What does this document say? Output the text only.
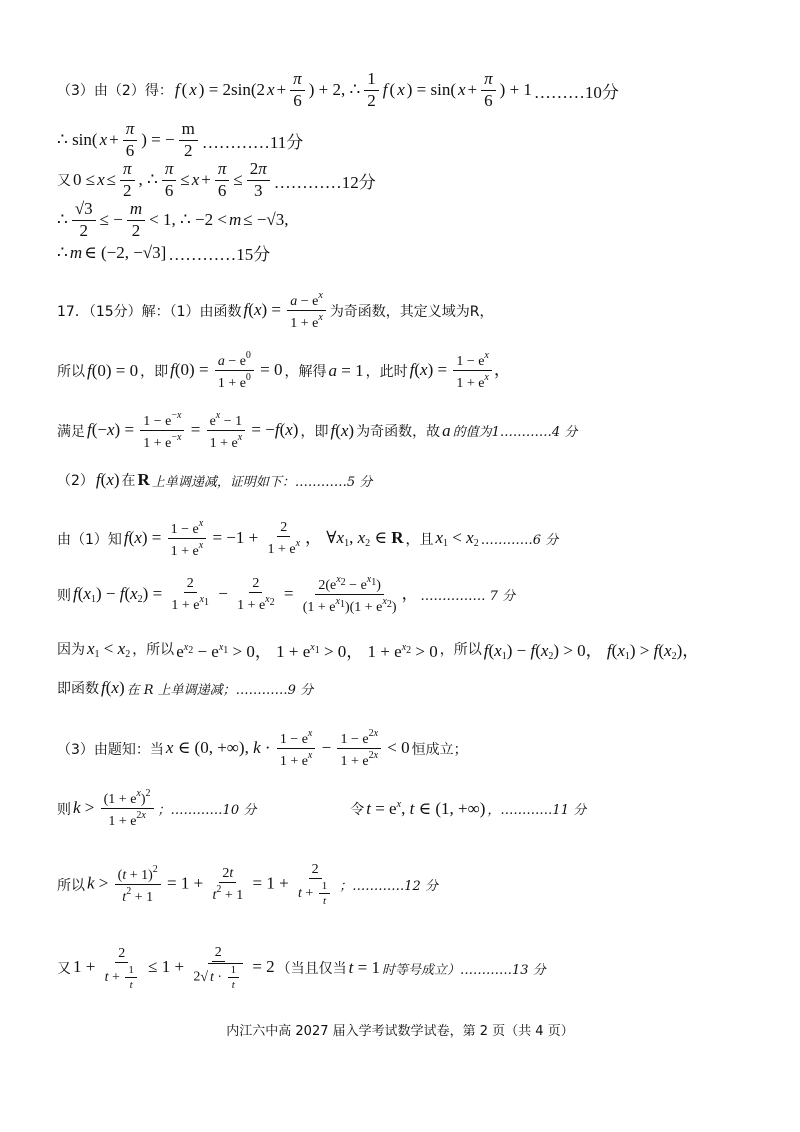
（3）由（2）得： f ( x ) = 2sin(2 $x + \frac{\pi}{6}$ ) + 2, ∴ $\frac{1}{2}$ f ( x ) = sin( $x + \frac{\pi}{6}$ ) + 1 ………10分
∴ sin( $x + \frac{\pi}{6}$ ) = − $\frac{m}{2}$ …………11分
又 $0 \le x \le \frac{\pi}{2}$ , ∴ $\frac{\pi}{6} \le x + \frac{\pi}{6} \le \frac{2\pi}{3}$ …………12分
∴ $\frac{√3}{2}$ ≤ − $\frac{m}{2} < 1$, ∴ −2 < m ≤ −√3,
∴ m ∈ (−2, −√3] …………15分
17．（15分）解：（1）由函数 $f(x) = \frac{a - e^x}{1 + e^x}$ 为奇函数，其定义域为R，
所以 f(0) = 0 ，即 $f(0) = \frac{a - e^0}{1 + e^0} = 0$ ，解得 a = 1 ，此时 $f(x) = \frac{1 - e^x}{1 + e^x}$ ，
满足 $f(-x) = \frac{1 - e^{-x}}{1 + e^{-x}} = \frac{e^x - 1}{1 + e^x} = -f(x)$ ，即 f(x) 为奇函数，故 a 的值为1…………4 分
（2） f(x) 在 R 上单调递减，证明如下：…………5 分
由（1）知 $f(x) = \frac{1 - e^x}{1 + e^x} = -1 + \frac{2}{1 + e^x}$ ， $\forall x_1$, $x_2$ ∈ R ，且 $x_1 < x_2$ …………6 分
则 $f(x_1) - f(x_2) = \frac{2}{1 + e^{x_1}} - \frac{2}{1 + e^{x_2}} = \frac{2(e^{x_2} - e^{x_1})}{(1 + e^{x_1})(1 + e^{x_2})}$ ， …………… 7 分
因为 $x_1 < x_2$ ，所以 $e^{x_2} - e^{x_1} > 0$， $1 + e^{x_1} > 0$， $1 + e^{x_2} > 0$ ，所以 $f(x_1) - f(x_2) > 0$， $f(x_1) > f(x_2)$，
即函数 f(x) 在 R 上单调递减；…………9 分
（3）由题知：当 x ∈ (0, +∞), $k \cdot \frac{1 - e^x}{1 + e^x} - \frac{1 - e^{2x}}{1 + e^{2x}} < 0$ 恒成立；
则 $k > \frac{(1 + e^x)^2}{1 + e^{2x}}$ ；…………10 分	令 $t = e^x$, t ∈ (1, +∞) ，…………11 分
所以 $k > \frac{(t + 1)^2}{t^2 + 1} = 1 + \frac{2t}{t^2 + 1} = 1 + \frac{2}{t + \frac{1}{t}}$ ；…………12 分
又 $1 + \frac{2}{t + \frac{1}{t}} \le 1 + \frac{2}{2√ t \cdot \frac{1}{t}} = 2$ （当且仅当 t = 1 时等号成立）…………13 分
内江六中高 2027 届入学考试数学试卷，第 2 页（共 4 页）
